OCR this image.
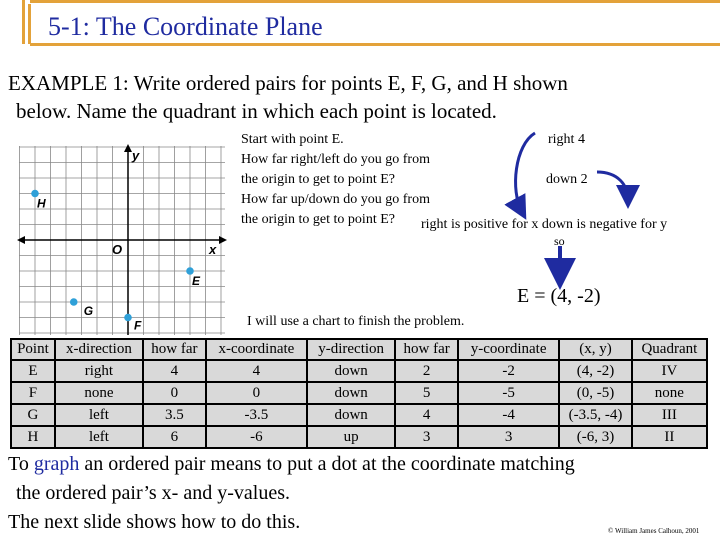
5-1: The Coordinate Plane
EXAMPLE 1: Write ordered pairs for points E, F, G, and H shown
below. Name the quadrant in which each point is located.
Start with point E.
How far right/left do you go from
the origin to get to point E?
How far up/down do you go from
the origin to get to point E?
right 4
down 2
right is positive for x down is negative for y
so
E = (4, -2)
I will use a chart to finish the problem.
y
x
O
H
E
G
F
Point	x-direction	how far	x-coordinate	y-direction	how far	y-coordinate	(x, y)	Quadrant
E	right	4	4	down	2	-2	(4, -2)	IV
F	none	0	0	down	5	-5	(0, -5)	none
G	left	3.5	-3.5	down	4	-4	(-3.5, -4)	III
H	left	6	-6	up	3	3	(-6, 3)	II
To graph an ordered pair means to put a dot at the coordinate matching
the ordered pair’s x- and y-values.
The next slide shows how to do this.	© William James Calhoun, 2001
